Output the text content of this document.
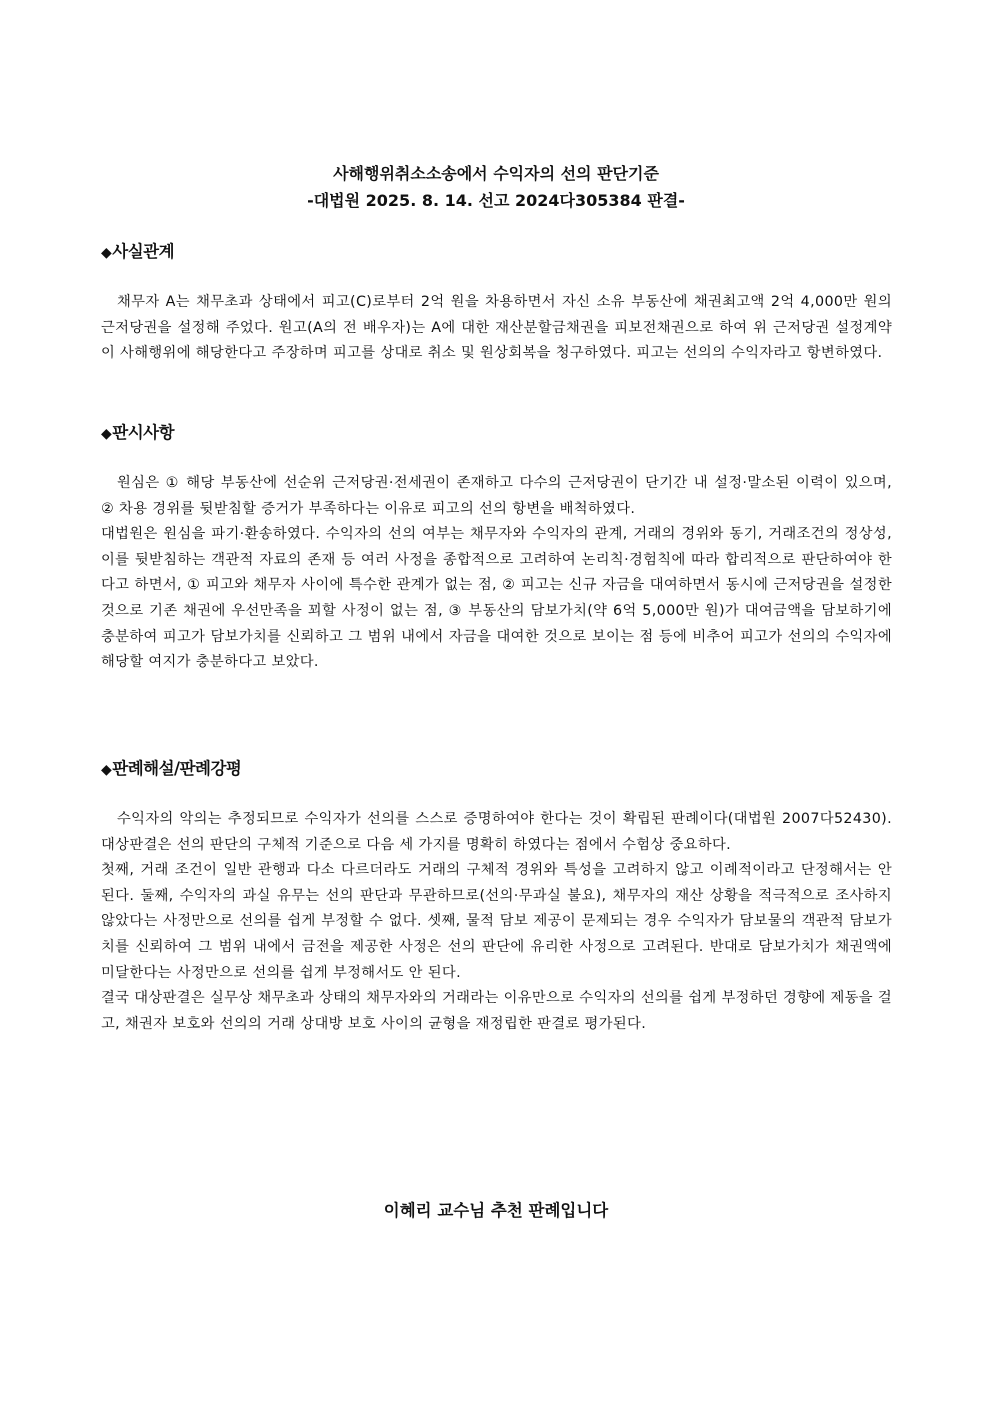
사해행위취소소송에서 수익자의 선의 판단기준
-대법원 2025. 8. 14. 선고 2024다305384 판결-
◆사실관계

채무자 A는 채무초과 상태에서 피고(C)로부터 2억 원을 차용하면서 자신 소유 부동산에 채권최고액 2억 4,000만 원의 근저당권을 설정해 주었다. 원고(A의 전 배우자)는 A에 대한 재산분할금채권을 피보전채권으로 하여 위 근저당권 설정계약이 사해행위에 해당한다고 주장하며 피고를 상대로 취소 및 원상회복을 청구하였다. 피고는 선의의 수익자라고 항변하였다.

◆판시사항

원심은 ① 해당 부동산에 선순위 근저당권·전세권이 존재하고 다수의 근저당권이 단기간 내 설정·말소된 이력이 있으며, ② 차용 경위를 뒷받침할 증거가 부족하다는 이유로 피고의 선의 항변을 배척하였다.

대법원은 원심을 파기·환송하였다. 수익자의 선의 여부는 채무자와 수익자의 관계, 거래의 경위와 동기, 거래조건의 정상성, 이를 뒷받침하는 객관적 자료의 존재 등 여러 사정을 종합적으로 고려하여 논리칙·경험칙에 따라 합리적으로 판단하여야 한다고 하면서, ① 피고와 채무자 사이에 특수한 관계가 없는 점, ② 피고는 신규 자금을 대여하면서 동시에 근저당권을 설정한 것으로 기존 채권에 우선만족을 꾀할 사정이 없는 점, ③ 부동산의 담보가치(약 6억 5,000만 원)가 대여금액을 담보하기에 충분하여 피고가 담보가치를 신뢰하고 그 범위 내에서 자금을 대여한 것으로 보이는 점 등에 비추어 피고가 선의의 수익자에 해당할 여지가 충분하다고 보았다.

◆판례해설/판례강평

수익자의 악의는 추정되므로 수익자가 선의를 스스로 증명하여야 한다는 것이 확립된 판례이다(대법원 2007다52430). 대상판결은 선의 판단의 구체적 기준으로 다음 세 가지를 명확히 하였다는 점에서 수험상 중요하다.

첫째, 거래 조건이 일반 관행과 다소 다르더라도 거래의 구체적 경위와 특성을 고려하지 않고 이례적이라고 단정해서는 안 된다. 둘째, 수익자의 과실 유무는 선의 판단과 무관하므로(선의·무과실 불요), 채무자의 재산 상황을 적극적으로 조사하지 않았다는 사정만으로 선의를 쉽게 부정할 수 없다. 셋째, 물적 담보 제공이 문제되는 경우 수익자가 담보물의 객관적 담보가치를 신뢰하여 그 범위 내에서 금전을 제공한 사정은 선의 판단에 유리한 사정으로 고려된다. 반대로 담보가치가 채권액에 미달한다는 사정만으로 선의를 쉽게 부정해서도 안 된다.

결국 대상판결은 실무상 채무초과 상태의 채무자와의 거래라는 이유만으로 수익자의 선의를 쉽게 부정하던 경향에 제동을 걸고, 채권자 보호와 선의의 거래 상대방 보호 사이의 균형을 재정립한 판결로 평가된다.

이혜리 교수님 추천 판례입니다
